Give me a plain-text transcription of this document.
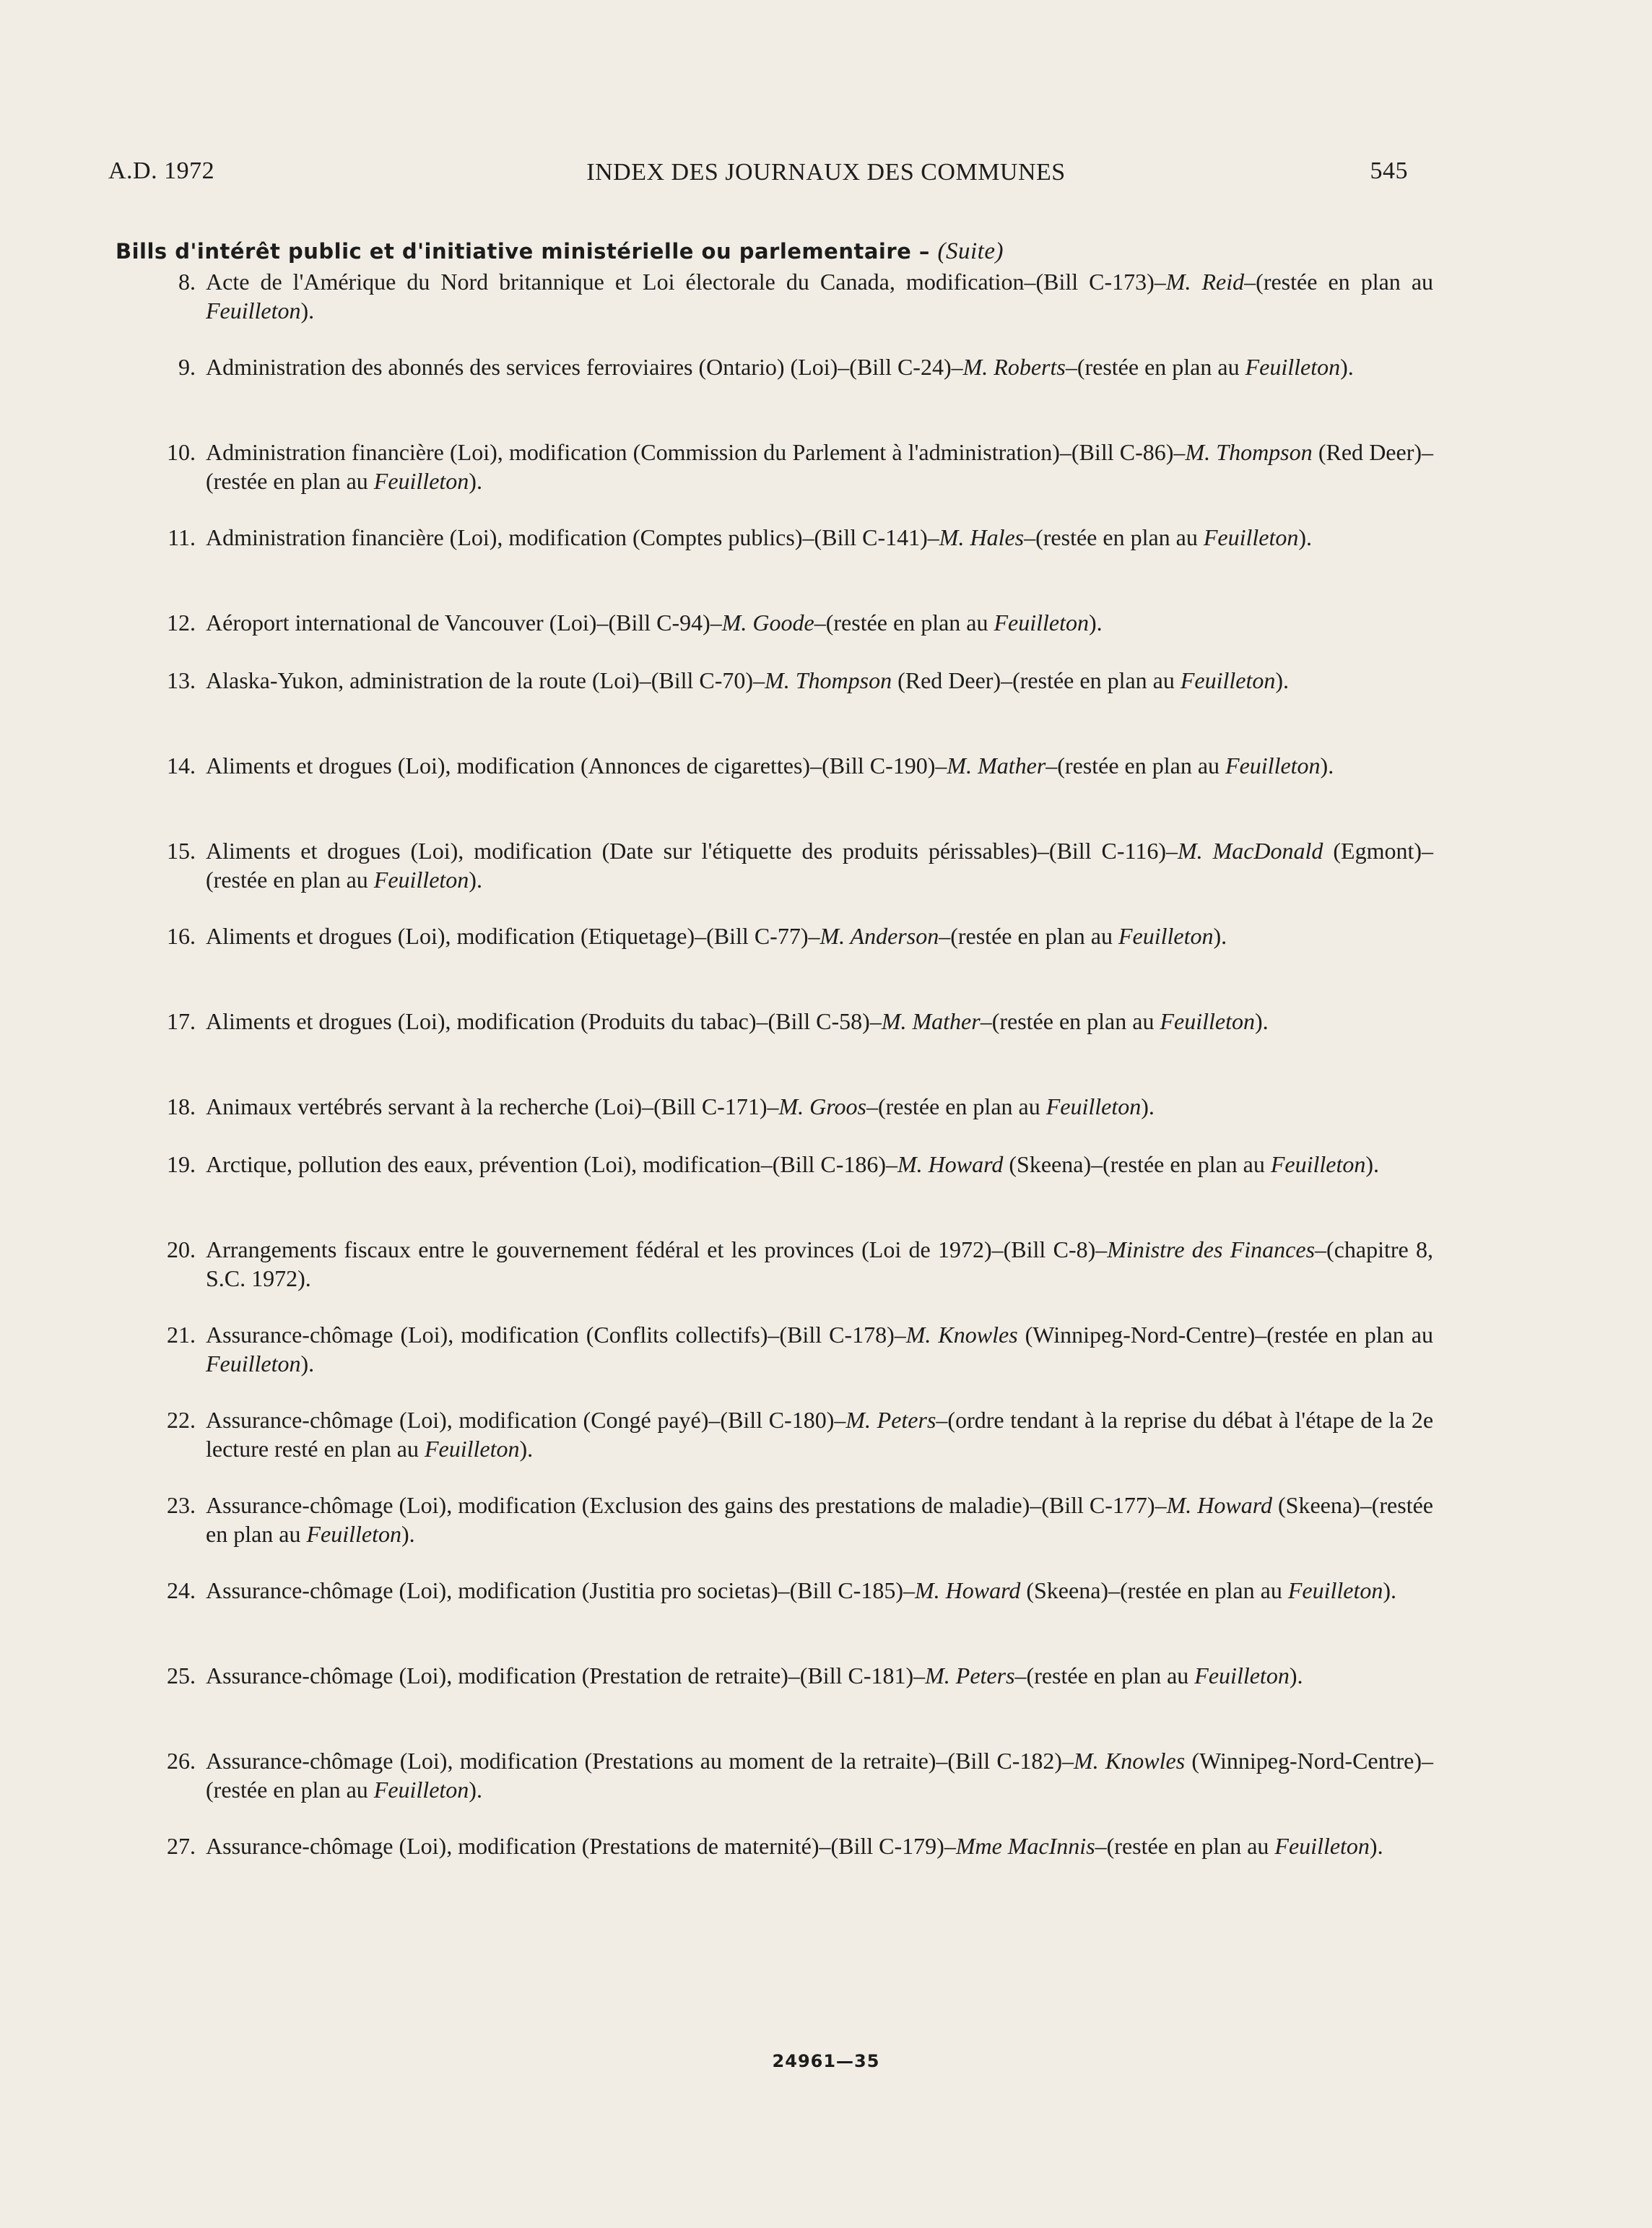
A.D. 1972	INDEX DES JOURNAUX DES COMMUNES	545
Bills d'intérêt public et d'initiative ministérielle ou parlementaire – (Suite)
8. Acte de l'Amérique du Nord britannique et Loi électorale du Canada, modification–(Bill C-173)–M. Reid–(restée en plan au Feuilleton).
9. Administration des abonnés des services ferroviaires (Ontario) (Loi)–(Bill C-24)–M. Roberts–(restée en plan au Feuilleton).
10. Administration financière (Loi), modification (Commission du Parlement à l'administration)–(Bill C-86)–M. Thompson (Red Deer)–(restée en plan au Feuilleton).
11. Administration financière (Loi), modification (Comptes publics)–(Bill C-141)–M. Hales–(restée en plan au Feuilleton).
12. Aéroport international de Vancouver (Loi)–(Bill C-94)–M. Goode–(restée en plan au Feuilleton).
13. Alaska-Yukon, administration de la route (Loi)–(Bill C-70)–M. Thompson (Red Deer)–(restée en plan au Feuilleton).
14. Aliments et drogues (Loi), modification (Annonces de cigarettes)–(Bill C-190)–M. Mather–(restée en plan au Feuilleton).
15. Aliments et drogues (Loi), modification (Date sur l'étiquette des produits périssables)–(Bill C-116)–M. MacDonald (Egmont)–(restée en plan au Feuilleton).
16. Aliments et drogues (Loi), modification (Etiquetage)–(Bill C-77)–M. Anderson–(restée en plan au Feuilleton).
17. Aliments et drogues (Loi), modification (Produits du tabac)–(Bill C-58)–M. Mather–(restée en plan au Feuilleton).
18. Animaux vertébrés servant à la recherche (Loi)–(Bill C-171)–M. Groos–(restée en plan au Feuilleton).
19. Arctique, pollution des eaux, prévention (Loi), modification–(Bill C-186)–M. Howard (Skeena)–(restée en plan au Feuilleton).
20. Arrangements fiscaux entre le gouvernement fédéral et les provinces (Loi de 1972)–(Bill C-8)–Ministre des Finances–(chapitre 8, S.C. 1972).
21. Assurance-chômage (Loi), modification (Conflits collectifs)–(Bill C-178)–M. Knowles (Winnipeg-Nord-Centre)–(restée en plan au Feuilleton).
22. Assurance-chômage (Loi), modification (Congé payé)–(Bill C-180)–M. Peters–(ordre tendant à la reprise du débat à l'étape de la 2e lecture resté en plan au Feuilleton).
23. Assurance-chômage (Loi), modification (Exclusion des gains des prestations de maladie)–(Bill C-177)–M. Howard (Skeena)–(restée en plan au Feuilleton).
24. Assurance-chômage (Loi), modification (Justitia pro societas)–(Bill C-185)–M. Howard (Skeena)–(restée en plan au Feuilleton).
25. Assurance-chômage (Loi), modification (Prestation de retraite)–(Bill C-181)–M. Peters–(restée en plan au Feuilleton).
26. Assurance-chômage (Loi), modification (Prestations au moment de la retraite)–(Bill C-182)–M. Knowles (Winnipeg-Nord-Centre)–(restée en plan au Feuilleton).
27. Assurance-chômage (Loi), modification (Prestations de maternité)–(Bill C-179)–Mme MacInnis–(restée en plan au Feuilleton).
24961—35
